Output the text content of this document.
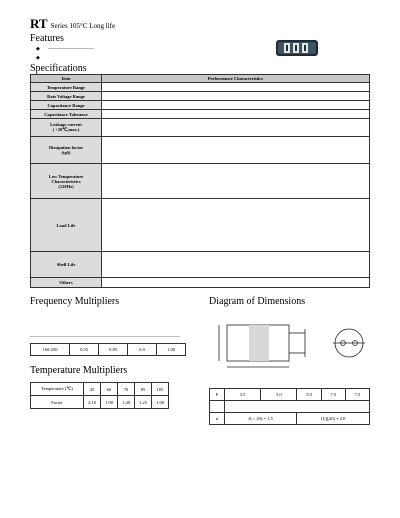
RT Series 105°C Long life
Features
◆
◆
Specifications
Item	Performance Characteristics
Temperature Range	
Rate Voltage Range	
Capacitance Range	
Capacitance Tolerance	
Leakage current
( +20℃,max.)	
Dissipation factor
(tgδ)	
Low Temperature
Characteristics
(120Hz)	
Load Life	
Shelf Life	
Others	
Frequency Multipliers
160-250	0.55	0.85	0.9	1.00
Temperature Multipliers
Temperature (℃)	45	60	70	85	105
Factor	2.10	1.90	1.40	1.25	1.00
Diagram of Dimensions
F	3.5	5.0	5.0	7.5	7.5

α	(L< 20) = 1.5		(L≧20) = 2.0		
